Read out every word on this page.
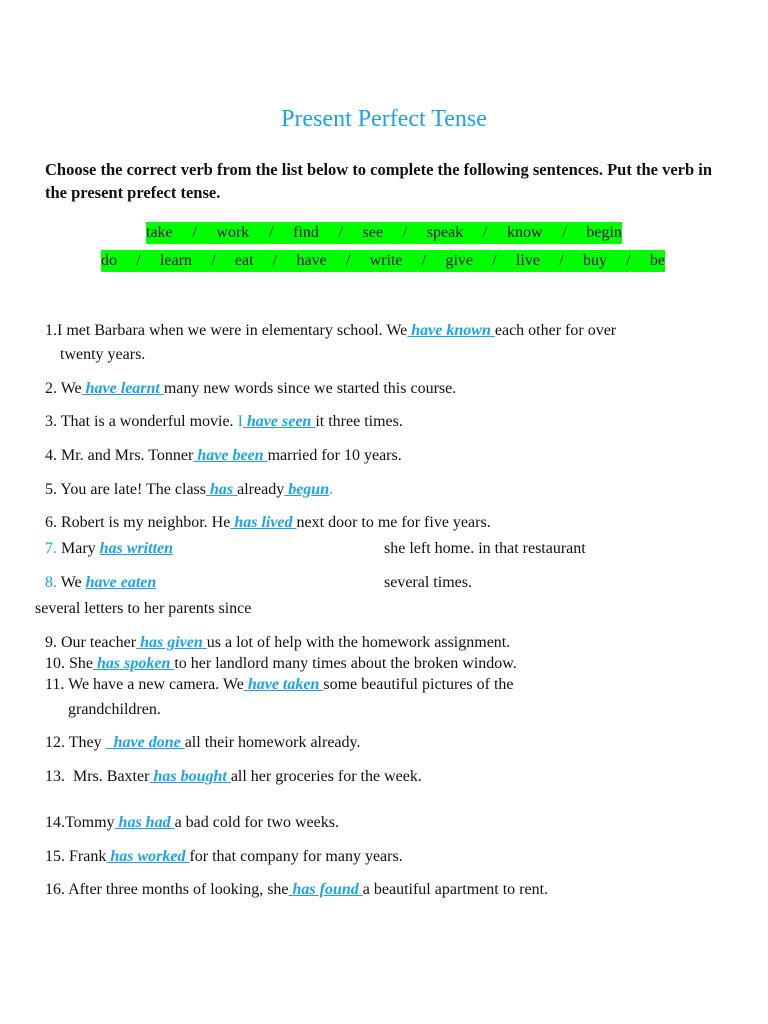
Present Perfect Tense
Choose the correct verb from the list below to complete the following sentences. Put the verb in the present prefect tense.
take / work / find / see / speak / know / begin
do / learn / eat / have / write / give / live / buy / be
1.I met Barbara when we were in elementary school. We have known each other for over
twenty years.
2. We have learnt many new words since we started this course.
3. That is a wonderful movie. I have seen it three times.
4. Mr. and Mrs. Tonner have been married for 10 years.
5. You are late! The class has already begun.
6. Robert is my neighbor. He has lived next door to me for five years.
7. Mary has written	she left home. in that restaurant
8. We have eaten	several times.
several letters to her parents since
9. Our teacher has given us a lot of help with the homework assignment.
10. She has spoken to her landlord many times about the broken window.
11. We have a new camera. We have taken some beautiful pictures of the
grandchildren.
12. They   have done all their homework already.
13.  Mrs. Baxter has bought all her groceries for the week.
14.Tommy has had a bad cold for two weeks.
15. Frank has worked for that company for many years.
16. After three months of looking, she has found a beautiful apartment to rent.
